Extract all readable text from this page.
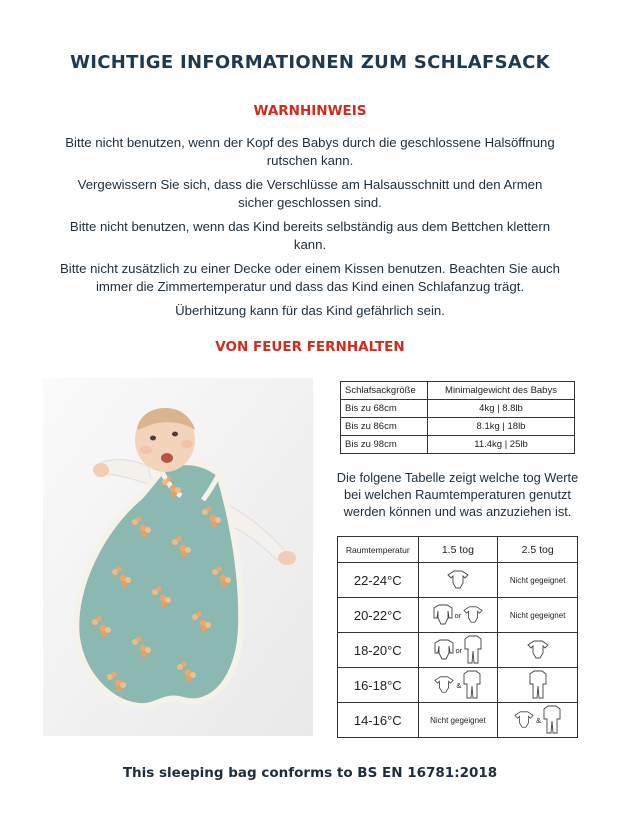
WICHTIGE INFORMATIONEN ZUM SCHLAFSACK
WARNHINWEIS

Bitte nicht benutzen, wenn der Kopf des Babys durch die geschlossene Halsöffnung rutschen kann.

Vergewissern Sie sich, dass die Verschlüsse am Halsausschnitt und den Armen sicher geschlossen sind.

Bitte nicht benutzen, wenn das Kind bereits selbständig aus dem Bettchen klettern kann.

Bitte nicht zusätzlich zu einer Decke oder einem Kissen benutzen. Beachten Sie auch immer die Zimmertemperatur und dass das Kind einen Schlafanzug trägt.

Überhitzung kann für das Kind gefährlich sein.

VON FEUER FERNHALTEN
Schlafsackgröße	Minimalgewicht des Babys
Bis zu 68cm	4kg | 8.8lb
Bis zu 86cm	8.1kg | 18lb
Bis zu 98cm	11.4kg | 25lb

Die folgene Tabelle zeigt welche tog Werte bei welchen Raumtemperaturen genutzt werden können und was anzuziehen ist.

Raumtemperatur	1.5 tog	2.5 tog
22-24°C		Nicht gegeignet
20-22°C	or	Nicht gegeignet
18-20°C	or	
16-18°C	&	
14-16°C	Nicht gegeignet	&

This sleeping bag conforms to BS EN 16781:2018
